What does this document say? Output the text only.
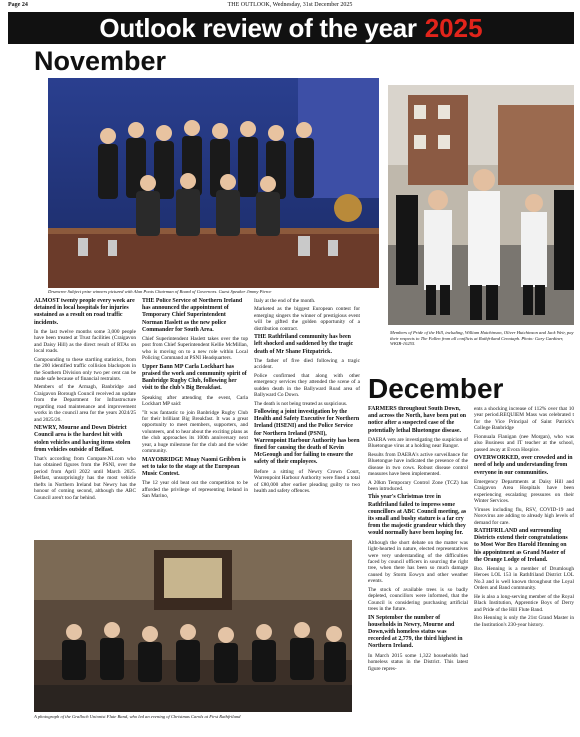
Page 24	THE OUTLOOK, Wednesday, 31st December 2025
Outlook review of the year 2025
November
Drumcree Subject prize winners pictured with Alan Poots Chairman of Board of Governors. Guest Speaker Jimmy Pierce
Members of Pride of the Hill, including, William Hutchinson, Oliver Hutchinson and Jack Weir, pay their respects to The Fallen from all conflicts at Rathfriland Cenotaph. Photo: Gary Gardiner, WKIB-10255.

ALMOST twenty people every week are detained in local hospitals for injuries sustained as a result on road traffic incidents.

In the last twelve months some 3,000 people have been treated at Trust facilities (Craigavon and Daisy Hill) as the direct result of RTAs on local roads.

Compounding to these startling statistics, from the 200 identified traffic collision blackspots in the Southern Division only two per cent can be made safe because of financial restraints.

Members of the Armagh, Banbridge and Craigavon Borough Council received an update from the Department for Infrastructure regarding road maintenance and improvement works in the council area for the years 2024/25 and 2025/26.

NEWRY, Mourne and Down District Council area is the hardest hit with stolen vehicles and having items stolen from vehicles outside of Belfast.

That's according from Compare.NI.com who has obtained figures from the PSNI, over the period from April 2022 until March 2025. Belfast, unsurprisingly has the most vehicle thefts in Northern Ireland but Newry has the honour of coming second, although the ABC Council aren't too far behind.

THE Police Service of Northern Ireland has announced the appointment of Temporary Chief Superintendent Norman Haslett as the new police Commander for South Area.

Chief Superintendent Haslett takes over the top post from Chief Superintendent Kellie McMillan, who is moving on to a new role within Local Policing Command at PSNI Headquarters.

Upper Bann MP Carla Lockhart has praised the work and community spirit of Banbridge Rugby Club, following her visit to the club's Big Breakfast.

Speaking after attending the event, Carla Lockhart MP said:

"It was fantastic to join Banbridge Rugby Club for their brilliant Big Breakfast. It was a great opportunity to meet members, supporters, and volunteers, and to hear about the exciting plans as the club approaches its 100th anniversary next year, a huge milestone for the club and the wider community.

MAYOBRIDGE Muay Naomi Gribben is set to take to the stage at the European Music Contest.

The 12 year old beat out the competition to be afforded the privilege of representing Ireland in San Marino,

Italy at the end of the month.

Marketed as the biggest European contest for emerging singers the winner of prestigious event will be gifted the golden opportunity of a distribution contract.

THE Rathfriland community has been left shocked and saddened by the tragic death of Mr Shane Fitzpatrick.

The father of five died following a tragic accident.

Police confirmed that along with other emergency services they attended the scene of a sudden death in the Ballyward Road area of Ballyward Co Down.

The death is not being treated as suspicious.

Following a joint investigation by the Health and Safety Executive for Northern Ireland (HSENI) and the Police Service for Northern Ireland (PSNI), Warrenpoint Harbour Authority has been fined for causing the death of Kevin McGeough and for failing to ensure the safety of their employees.

Before a sitting of Newry Crown Court, Warrenpoint Harbour Authority were fined a total of £80,000 after earlier pleading guilty to two health and safety offences.

A photograph of the Gralloch Unionist Flute Band, who led an evening of Christmas Carols at First Rathfriland
December

FARMERS throughout South Down, and across the North, have been put on notice after a suspected case of the potentially lethal Bluetongue disease.

DAERA vets are investigating the suspicion of Bluetongue virus at a holding near Bangor.

Results from DAERA's active surveillance for Bluetongue have indicated the presence of the disease in two cows. Robust disease control measures have been implemented.

A 20km Temporary Control Zone (TCZ) has been introduced.

This year's Christmas tree in Rathfriland failed to impress some councillors at ABC Council meeting, as its small and bushy stature is a far cry from the majestic grandeur which they would normally have been hoping for.

Although the short debate on the matter was light-hearted in nature, elected representatives were very understanding of the difficulties faced by council officers in sourcing the right tree, when there has been so much damage caused by Storm Eowyn and other weather events.

The stock of available trees is so badly depleted, councillors were informed, that the Council is considering purchasing artificial trees in the future.

IN September the number of households in Newry, Mourne and Down,with homeless status was recorded at 2,779, the third highest in Northern Ireland.

In March 2015 some 1,322 households had homeless status in the District. This latest figure repres-

ents a shocking increase of 112% over that 10 year period.REQUIEM Mass was celebrated t for the Vice Principal of Saint Patrick's College Banbridge

Fionnuala Flanigan (nee Morgan), who was also Business and IT teacher at the school, passed away at Evora Hospice.

OVERWORKED, over crowded and in need of help and understanding from everyone in our communities.

Emergency Departments at Daisy Hill and Craigavon Area Hospitals have been experiencing escalating pressures on their Winter Services.

Viruses including flu, RSV, COVID-19 and Norovirus are adding to already high levels of demand for care.

RATHFRILAND and surrounding Districts extend their congratulations to Most Wor Bro Harold Henning on his appointment as Grand Master of the Orange Lodge of Ireland.

Bro. Henning is a member of Drumlough Heroes LOL 153 in Rathfriland District LOL No.3 and is well known throughout the Loyal Orders and Band community.

He is also a long-serving member of the Royal Black Institution, Apprentice Boys of Derry and Pride of the Hill Flute Band.

Bro Henning is only the 21st Grand Master in the Institution's 230-year history.
